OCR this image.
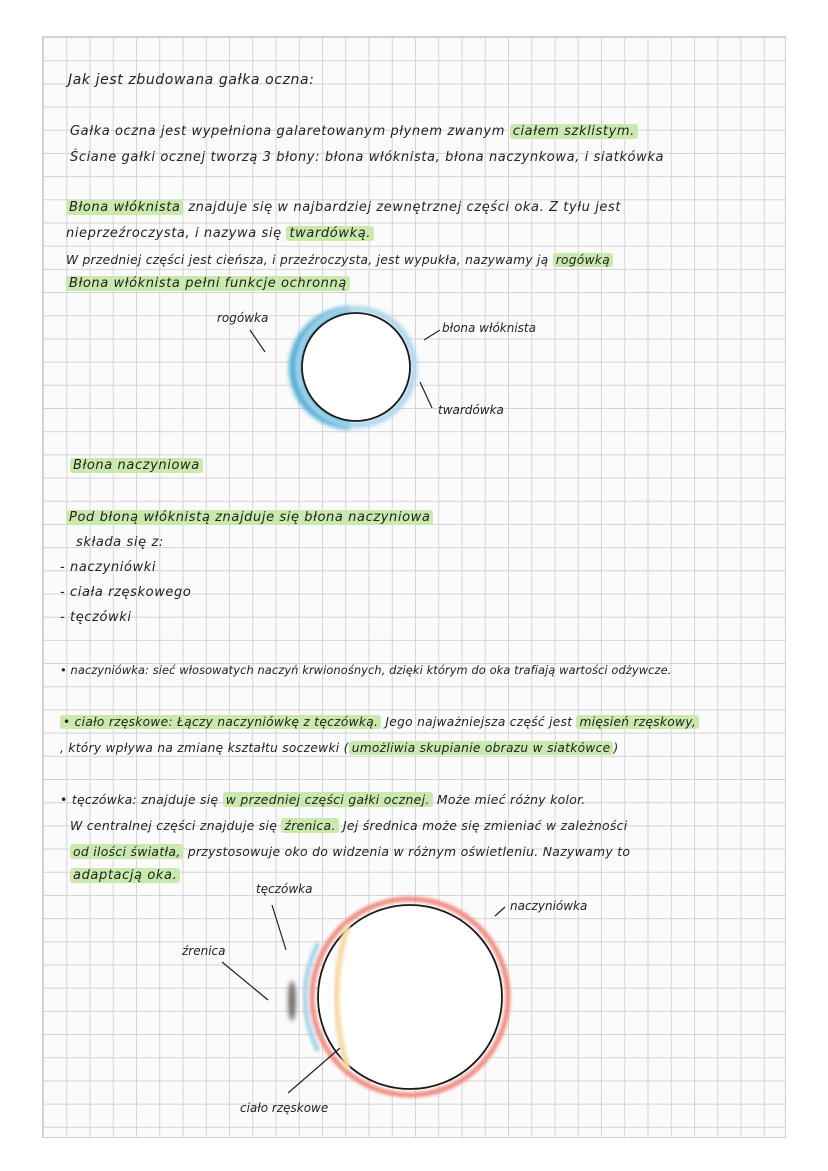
Jak jest zbudowana gałka oczna:
Gałka oczna jest wypełniona galaretowanym płynem zwanym ciałem szklistym.
Ściane gałki ocznej tworzą 3 błony: błona włóknista, błona naczynkowa, i siatkówka
Błona włóknista znajduje się w najbardziej zewnętrznej części oka. Z tyłu jest
nieprzeźroczysta, i nazywa się twardówką.
W przedniej części jest cieńsza, i przeźroczysta, jest wypukła, nazywamy ją rogówką
Błona włóknista pełni funkcje ochronną
rogówka
błona włóknista
twardówka
Błona naczyniowa
Pod błoną włóknistą znajduje się błona naczyniowa
składa się z:
- naczyniówki
- ciała rzęskowego
- tęczówki
• naczyniówka: sieć włosowatych naczyń krwionośnych, dzięki którym do oka trafiają wartości odżywcze.
• ciało rzęskowe: Łączy naczyniówkę z tęczówką. Jego najważniejsza część jest mięsień rzęskowy,
, który wpływa na zmianę kształtu soczewki ( umożliwia skupianie obrazu w siatkówce )
• tęczówka: znajduje się w przedniej części gałki ocznej. Może mieć różny kolor.
W centralnej części znajduje się źrenica. Jej średnica może się zmieniać w zależności
od ilości światła, przystosowuje oko do widzenia w różnym oświetleniu. Nazywamy to
adaptacją oka.
tęczówka
źrenica
naczyniówka
ciało rzęskowe
